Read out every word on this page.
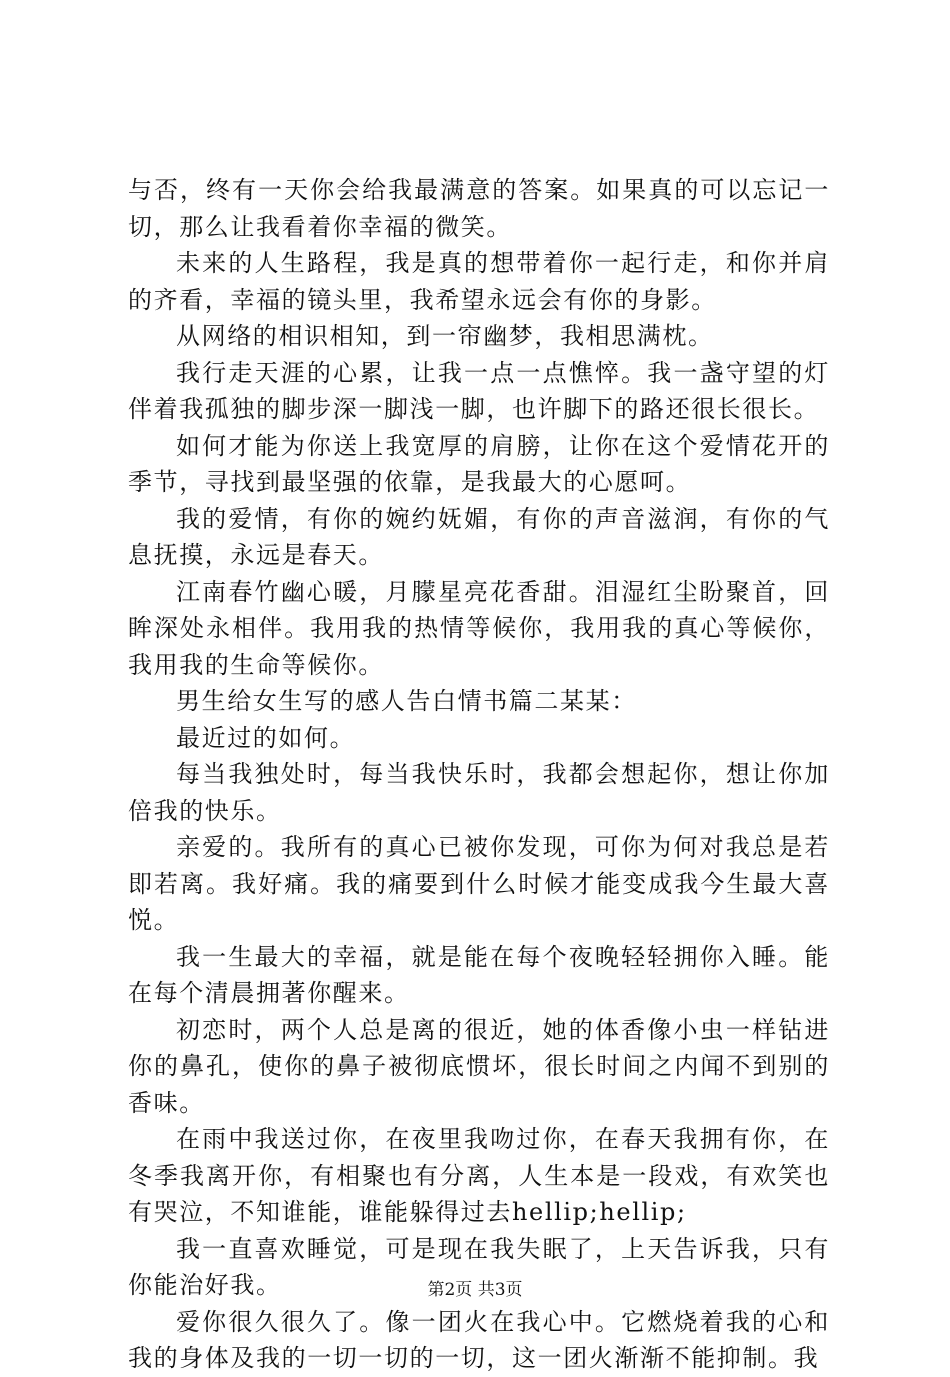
与否，终有一天你会给我最满意的答案。如果真的可以忘记一切，那么让我看着你幸福的微笑。

未来的人生路程，我是真的想带着你一起行走，和你并肩的齐看，幸福的镜头里，我希望永远会有你的身影。

从网络的相识相知，到一帘幽梦，我相思满枕。

我行走天涯的心累，让我一点一点憔悴。我一盏守望的灯伴着我孤独的脚步深一脚浅一脚，也许脚下的路还很长很长。

如何才能为你送上我宽厚的肩膀，让你在这个爱情花开的季节，寻找到最坚强的依靠，是我最大的心愿呵。

我的爱情，有你的婉约妩媚，有你的声音滋润，有你的气息抚摸，永远是春天。

江南春竹幽心暖，月朦星亮花香甜。泪湿红尘盼聚首，回眸深处永相伴。我用我的热情等候你，我用我的真心等候你，我用我的生命等候你。

男生给女生写的感人告白情书篇二某某：

最近过的如何。

每当我独处时，每当我快乐时，我都会想起你，想让你加倍我的快乐。

亲爱的。我所有的真心已被你发现，可你为何对我总是若即若离。我好痛。我的痛要到什么时候才能变成我今生最大喜悦。

我一生最大的幸福，就是能在每个夜晚轻轻拥你入睡。能在每个清晨拥著你醒来。

初恋时，两个人总是离的很近，她的体香像小虫一样钻进你的鼻孔，使你的鼻子被彻底惯坏，很长时间之内闻不到别的香味。

在雨中我送过你，在夜里我吻过你，在春天我拥有你，在冬季我离开你，有相聚也有分离，人生本是一段戏，有欢笑也有哭泣，不知谁能，谁能躲得过去hellip;hellip;

我一直喜欢睡觉，可是现在我失眠了，上天告诉我，只有你能治好我。

爱你很久很久了。像一团火在我心中。它燃烧着我的心和我的身体及我的一切一切的一切，这一团火渐渐不能抑制。我

第2页 共3页
